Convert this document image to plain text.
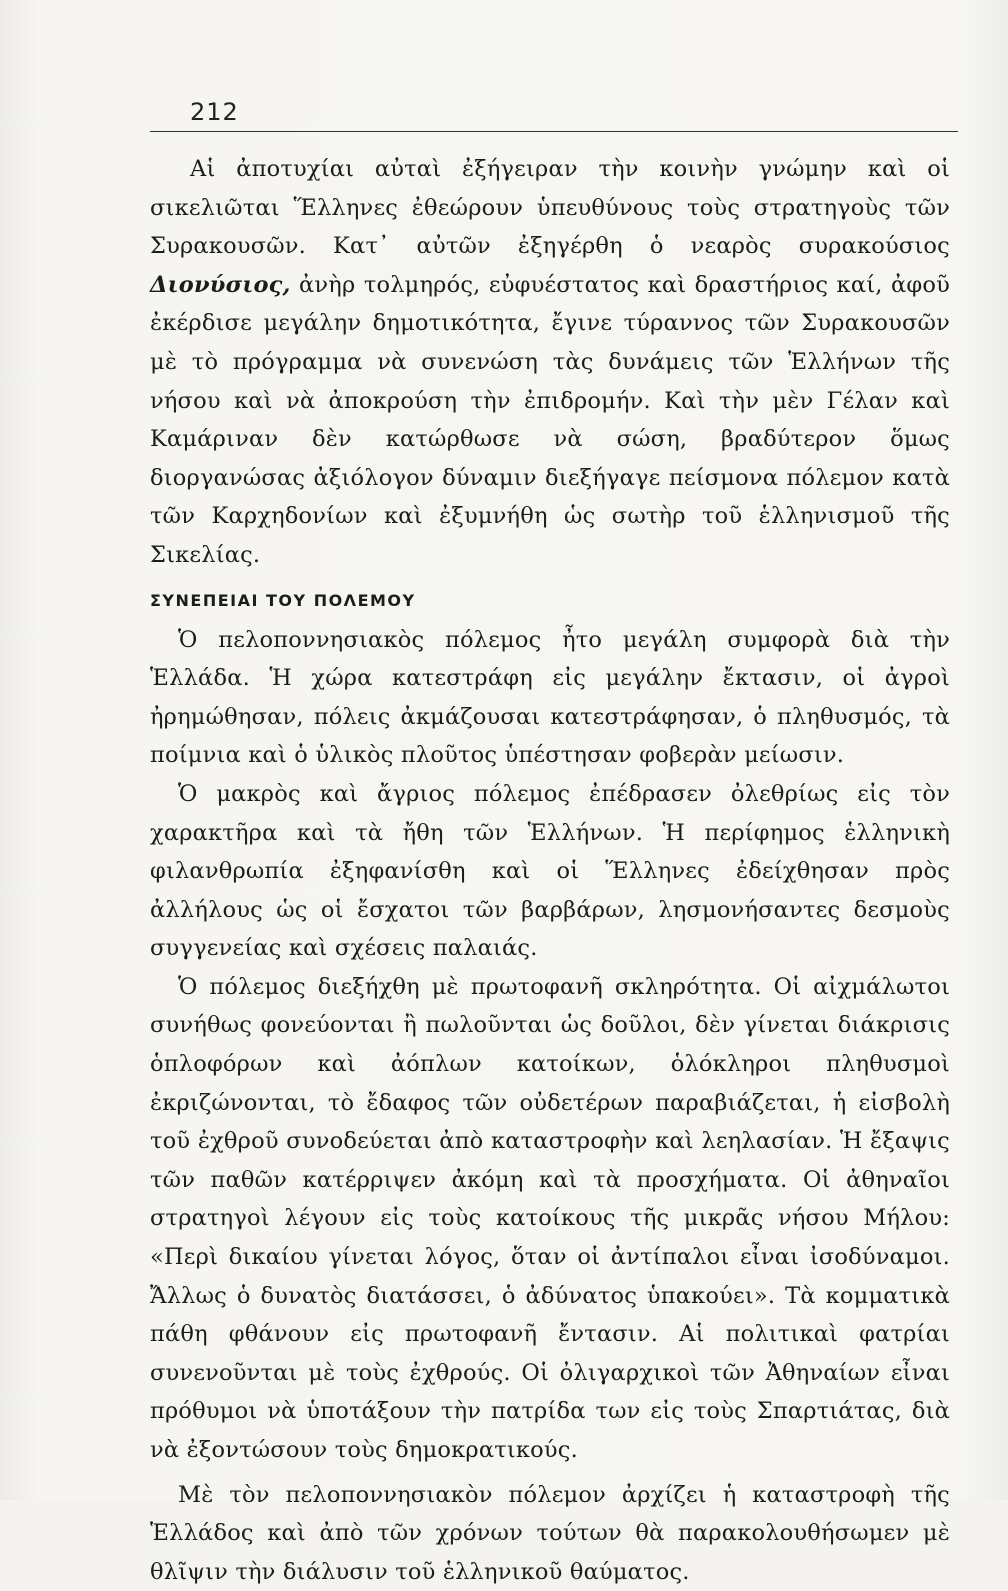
212

Αἱ ἀποτυχίαι αὐταὶ ἐξήγειραν τὴν κοινὴν γνώμην καὶ οἱ σικελιῶται Ἕλληνες ἐθεώρουν ὑπευθύνους τοὺς στρατηγοὺς τῶν Συρακουσῶν. Κατ᾽ αὐτῶν ἐξηγέρθη ὁ νεαρὸς συρακούσιος Διονύσιος, ἀνὴρ τολμηρός, εὐφυέστατος καὶ δραστήριος καί, ἀφοῦ ἐκέρδισε μεγάλην δημοτικότητα, ἔγινε τύραννος τῶν Συρακουσῶν μὲ τὸ πρόγραμμα νὰ συνενώση τὰς δυνάμεις τῶν Ἑλλήνων τῆς νήσου καὶ νὰ ἀποκρούση τὴν ἐπιδρομήν. Καὶ τὴν μὲν Γέλαν καὶ Καμάριναν δὲν κατώρθωσε νὰ σώση, βραδύτερον ὅμως διοργανώσας ἀξιόλογον δύναμιν διεξήγαγε πείσμονα πόλεμον κατὰ τῶν Καρχηδονίων καὶ ἐξυμνήθη ὡς σωτὴρ τοῦ ἑλληνισμοῦ τῆς Σικελίας.

ΣΥΝΕΠΕΙΑΙ ΤΟΥ ΠΟΛΕΜΟΥ

Ὁ πελοποννησιακὸς πόλεμος ἦτο μεγάλη συμφορὰ διὰ τὴν Ἑλλάδα. Ἡ χώρα κατεστράφη εἰς μεγάλην ἔκτασιν, οἱ ἀγροὶ ἠρημώθησαν, πόλεις ἀκμάζουσαι κατεστράφησαν, ὁ πληθυσμός, τὰ ποίμνια καὶ ὁ ὑλικὸς πλοῦτος ὑπέστησαν φοβερὰν μείωσιν.

Ὁ μακρὸς καὶ ἄγριος πόλεμος ἐπέδρασεν ὀλεθρίως εἰς τὸν χαρακτῆρα καὶ τὰ ἤθη τῶν Ἑλλήνων. Ἡ περίφημος ἑλληνικὴ φιλανθρωπία ἐξηφανίσθη καὶ οἱ Ἕλληνες ἐδείχθησαν πρὸς ἀλλήλους ὡς οἱ ἔσχατοι τῶν βαρβάρων, λησμονήσαντες δεσμοὺς συγγενείας καὶ σχέσεις παλαιάς.

Ὁ πόλεμος διεξήχθη μὲ πρωτοφανῆ σκληρότητα. Οἱ αἰχμάλωτοι συνήθως φονεύονται ἢ πωλοῦνται ὡς δοῦλοι, δὲν γίνεται διάκρισις ὁπλοφόρων καὶ ἀόπλων κατοίκων, ὁλόκληροι πληθυσμοὶ ἐκριζώνονται, τὸ ἔδαφος τῶν οὐδετέρων παραβιάζεται, ἡ εἰσβολὴ τοῦ ἐχθροῦ συνοδεύεται ἀπὸ καταστροφὴν καὶ λεηλασίαν. Ἡ ἔξαψις τῶν παθῶν κατέρριψεν ἀκόμη καὶ τὰ προσχήματα. Οἱ ἀθηναῖοι στρατηγοὶ λέγουν εἰς τοὺς κατοίκους τῆς μικρᾶς νήσου Μήλου: «Περὶ δικαίου γίνεται λόγος, ὅταν οἱ ἀντίπαλοι εἶναι ἰσοδύναμοι. Ἄλλως ὁ δυνατὸς διατάσσει, ὁ ἀδύνατος ὑπακούει». Τὰ κομματικὰ πάθη φθάνουν εἰς πρωτοφανῆ ἔντασιν. Αἱ πολιτικαὶ φατρίαι συνενοῦνται μὲ τοὺς ἐχθρούς. Οἱ ὀλιγαρχικοὶ τῶν Ἀθηναίων εἶναι πρόθυμοι νὰ ὑποτάξουν τὴν πατρίδα των εἰς τοὺς Σπαρτιάτας, διὰ νὰ ἐξοντώσουν τοὺς δημοκρατικούς.

Μὲ τὸν πελοποννησιακὸν πόλεμον ἀρχίζει ἡ καταστροφὴ τῆς Ἑλλάδος καὶ ἀπὸ τῶν χρόνων τούτων θὰ παρακολουθήσωμεν μὲ θλῖψιν τὴν διάλυσιν τοῦ ἑλληνικοῦ θαύματος.
